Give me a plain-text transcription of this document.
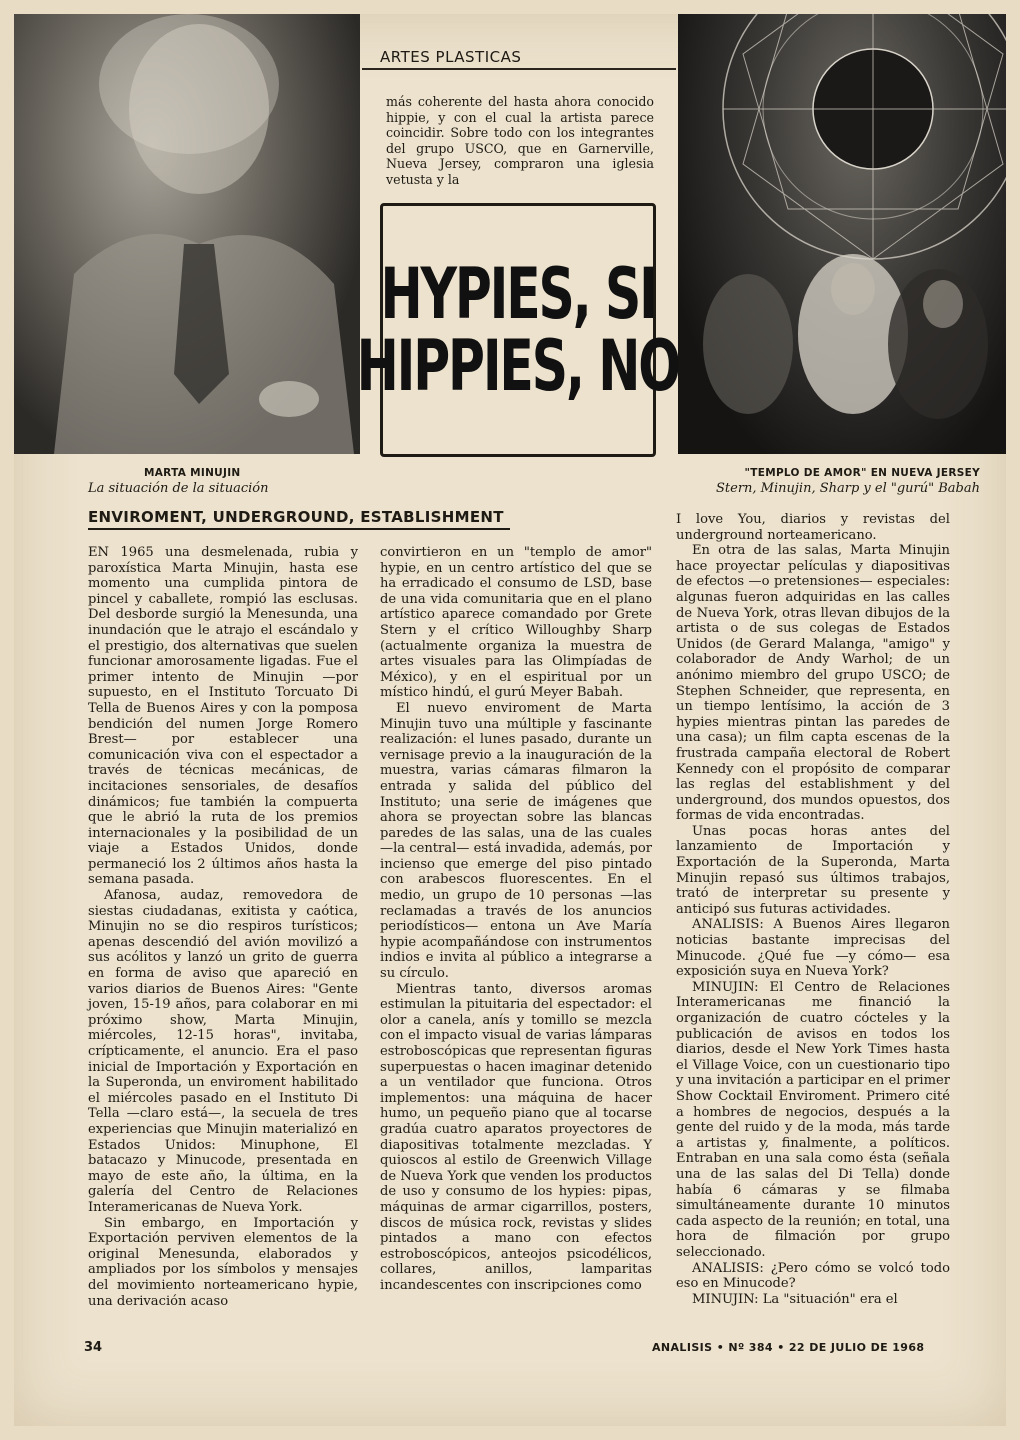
ARTES PLASTICAS
más coherente del hasta ahora conocido hippie, y con el cual la artista parece coincidir. Sobre todo con los integrantes del grupo USCO, que en Garnerville, Nueva Jersey, compraron una iglesia vetusta y la
HYPIES, SI
HIPPIES, NO
MARTA MINUJIN
La situación de la situación
"TEMPLO DE AMOR" EN NUEVA JERSEY
Stern, Minujin, Sharp y el "gurú" Babah
ENVIROMENT, UNDERGROUND, ESTABLISHMENT

EN 1965 una desmelenada, rubia y paroxística Marta Minujin, hasta ese momento una cumplida pintora de pincel y caballete, rompió las esclusas. Del desborde surgió la Menesunda, una inundación que le atrajo el escándalo y el prestigio, dos alternativas que suelen funcionar amorosamente ligadas. Fue el primer intento de Minujin —por supuesto, en el Instituto Torcuato Di Tella de Buenos Aires y con la pomposa bendición del numen Jorge Romero Brest— por establecer una comunicación viva con el espectador a través de técnicas mecánicas, de incitaciones sensoriales, de desafíos dinámicos; fue también la compuerta que le abrió la ruta de los premios internacionales y la posibilidad de un viaje a Estados Unidos, donde permaneció los 2 últimos años hasta la semana pasada.

Afanosa, audaz, removedora de siestas ciudadanas, exitista y caótica, Minujin no se dio respiros turísticos; apenas descendió del avión movilizó a sus acólitos y lanzó un grito de guerra en forma de aviso que apareció en varios diarios de Buenos Aires: "Gente joven, 15-19 años, para colaborar en mi próximo show, Marta Minujin, miércoles, 12-15 horas", invitaba, crípticamente, el anuncio. Era el paso inicial de Importación y Exportación en la Superonda, un enviroment habilitado el miércoles pasado en el Instituto Di Tella —claro está—, la secuela de tres experiencias que Minujin materializó en Estados Unidos: Minuphone, El batacazo y Minucode, presentada en mayo de este año, la última, en la galería del Centro de Relaciones Interamericanas de Nueva York.

Sin embargo, en Importación y Exportación perviven elementos de la original Menesunda, elaborados y ampliados por los símbolos y mensajes del movimiento norteamericano hypie, una derivación acaso

convirtieron en un "templo de amor" hypie, en un centro artístico del que se ha erradicado el consumo de LSD, base de una vida comunitaria que en el plano artístico aparece comandado por Grete Stern y el crítico Willoughby Sharp (actualmente organiza la muestra de artes visuales para las Olimpíadas de México), y en el espiritual por un místico hindú, el gurú Meyer Babah.

El nuevo enviroment de Marta Minujin tuvo una múltiple y fascinante realización: el lunes pasado, durante un vernisage previo a la inauguración de la muestra, varias cámaras filmaron la entrada y salida del público del Instituto; una serie de imágenes que ahora se proyectan sobre las blancas paredes de las salas, una de las cuales —la central— está invadida, además, por incienso que emerge del piso pintado con arabescos fluorescentes. En el medio, un grupo de 10 personas —las reclamadas a través de los anuncios periodísticos— entona un Ave María hypie acompañándose con instrumentos indios e invita al público a integrarse a su círculo.

Mientras tanto, diversos aromas estimulan la pituitaria del espectador: el olor a canela, anís y tomillo se mezcla con el impacto visual de varias lámparas estroboscópicas que representan figuras superpuestas o hacen imaginar detenido a un ventilador que funciona. Otros implementos: una máquina de hacer humo, un pequeño piano que al tocarse gradúa cuatro aparatos proyectores de diapositivas totalmente mezcladas. Y quioscos al estilo de Greenwich Village de Nueva York que venden los productos de uso y consumo de los hypies: pipas, máquinas de armar cigarrillos, posters, discos de música rock, revistas y slides pintados a mano con efectos estroboscópicos, anteojos psicodélicos, collares, anillos, lamparitas incandescentes con inscripciones como

I love You, diarios y revistas del underground norteamericano.

En otra de las salas, Marta Minujin hace proyectar películas y diapositivas de efectos —o pretensiones— especiales: algunas fueron adquiridas en las calles de Nueva York, otras llevan dibujos de la artista o de sus colegas de Estados Unidos (de Gerard Malanga, "amigo" y colaborador de Andy Warhol; de un anónimo miembro del grupo USCO; de Stephen Schneider, que representa, en un tiempo lentísimo, la acción de 3 hypies mientras pintan las paredes de una casa); un film capta escenas de la frustrada campaña electoral de Robert Kennedy con el propósito de comparar las reglas del establishment y del underground, dos mundos opuestos, dos formas de vida encontradas.

Unas pocas horas antes del lanzamiento de Importación y Exportación de la Superonda, Marta Minujin repasó sus últimos trabajos, trató de interpretar su presente y anticipó sus futuras actividades.

ANALISIS: A Buenos Aires llegaron noticias bastante imprecisas del Minucode. ¿Qué fue —y cómo— esa exposición suya en Nueva York?

MINUJIN: El Centro de Relaciones Interamericanas me financió la organización de cuatro cócteles y la publicación de avisos en todos los diarios, desde el New York Times hasta el Village Voice, con un cuestionario tipo y una invitación a participar en el primer Show Cocktail Enviroment. Primero cité a hombres de negocios, después a la gente del ruido y de la moda, más tarde a artistas y, finalmente, a políticos. Entraban en una sala como ésta (señala una de las salas del Di Tella) donde había 6 cámaras y se filmaba simultáneamente durante 10 minutos cada aspecto de la reunión; en total, una hora de filmación por grupo seleccionado.

ANALISIS: ¿Pero cómo se volcó todo eso en Minucode?

MINUJIN: La "situación" era el

34	ANALISIS • Nº 384 • 22 DE JULIO DE 1968
